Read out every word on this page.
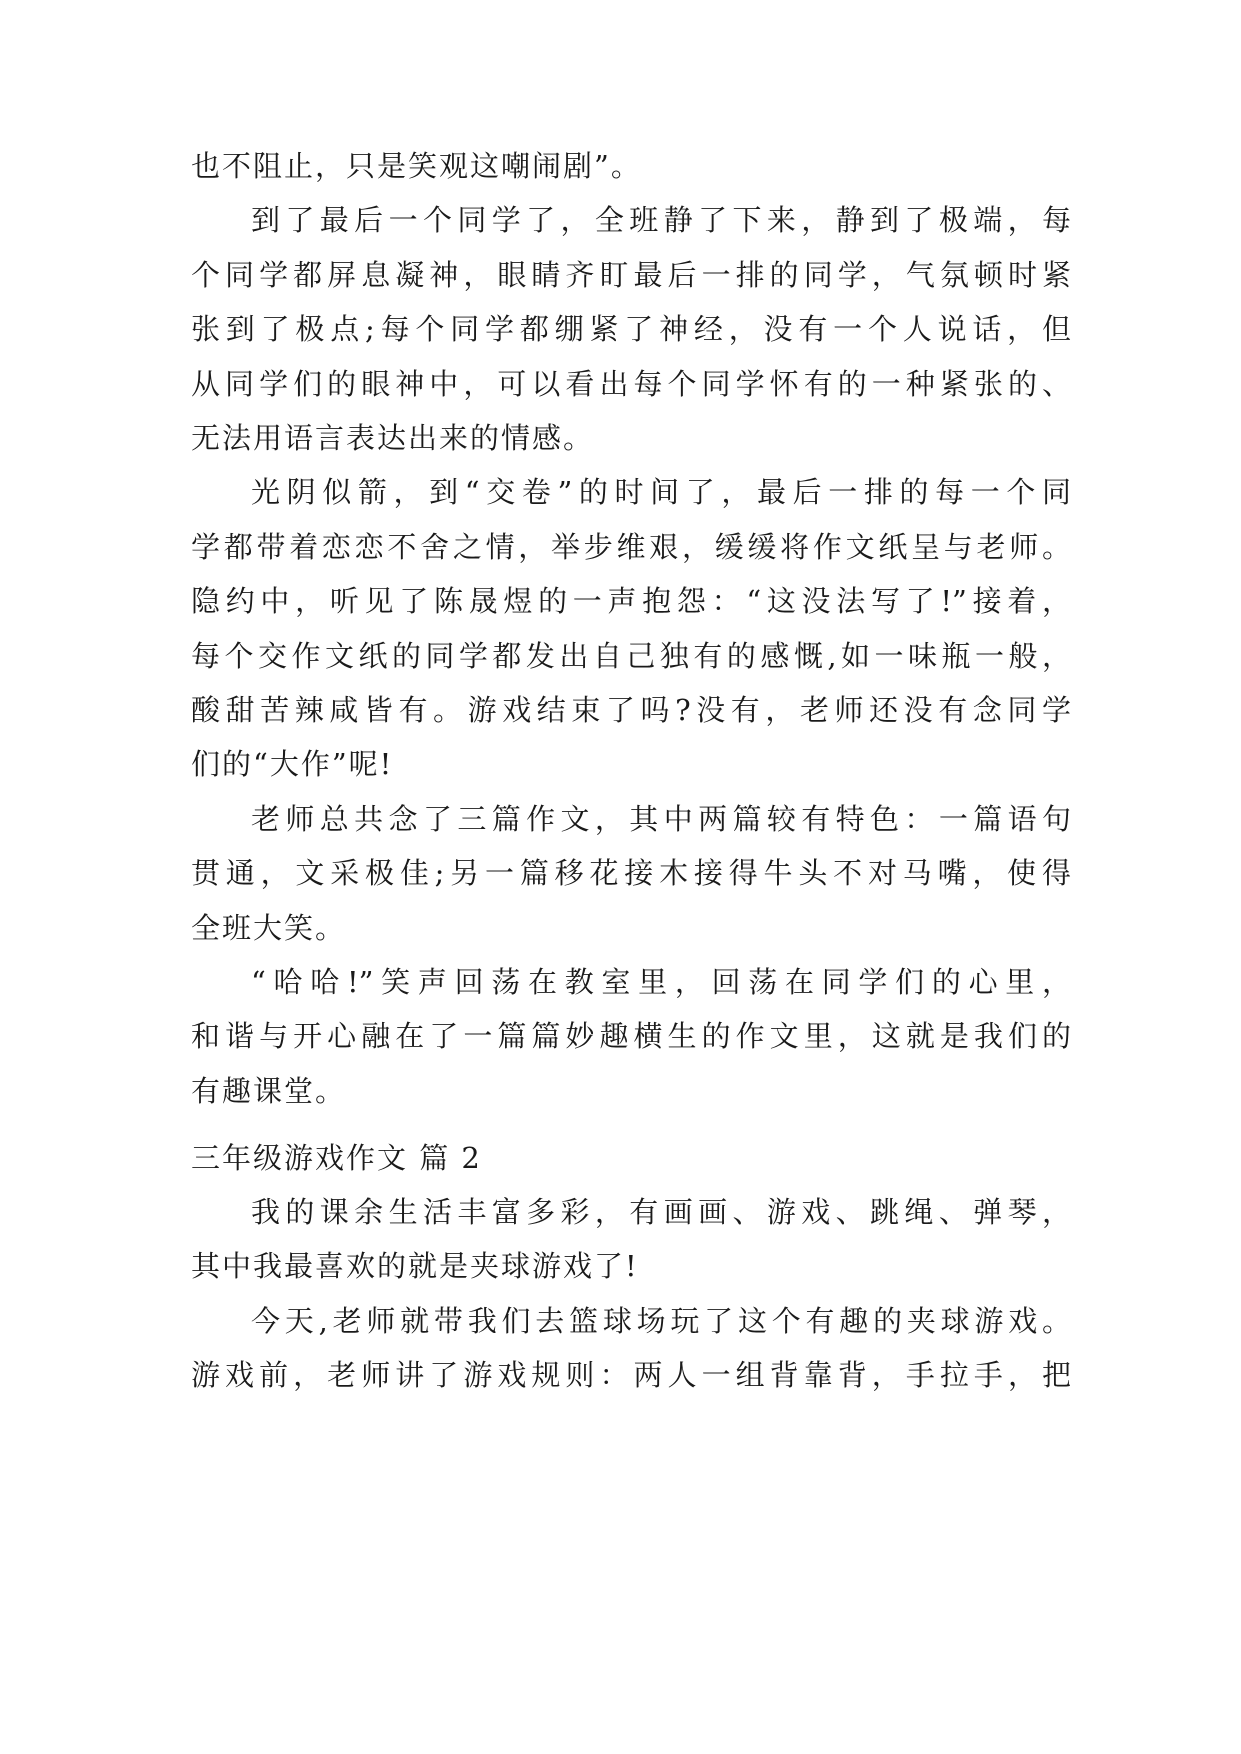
也不阻止，只是笑观这嘲闹剧”。
到了最后一个同学了，全班静了下来，静到了极端，每
个同学都屏息凝神，眼睛齐盯最后一排的同学，气氛顿时紧
张到了极点;每个同学都绷紧了神经，没有一个人说话，但
从同学们的眼神中，可以看出每个同学怀有的一种紧张的、
无法用语言表达出来的情感。
光阴似箭，到“交卷”的时间了，最后一排的每一个同
学都带着恋恋不舍之情，举步维艰，缓缓将作文纸呈与老师。
隐约中，听见了陈晟煜的一声抱怨：“这没法写了!”接着，
每个交作文纸的同学都发出自己独有的感慨,如一味瓶一般，
酸甜苦辣咸皆有。游戏结束了吗?没有，老师还没有念同学
们的“大作”呢!
老师总共念了三篇作文，其中两篇较有特色：一篇语句
贯通，文采极佳;另一篇移花接木接得牛头不对马嘴，使得
全班大笑。
“哈哈!”笑声回荡在教室里，回荡在同学们的心里，
和谐与开心融在了一篇篇妙趣横生的作文里，这就是我们的
有趣课堂。
三年级游戏作文 篇 2
我的课余生活丰富多彩，有画画、游戏、跳绳、弹琴，
其中我最喜欢的就是夹球游戏了!
今天,老师就带我们去篮球场玩了这个有趣的夹球游戏。
游戏前，老师讲了游戏规则：两人一组背靠背，手拉手，把
